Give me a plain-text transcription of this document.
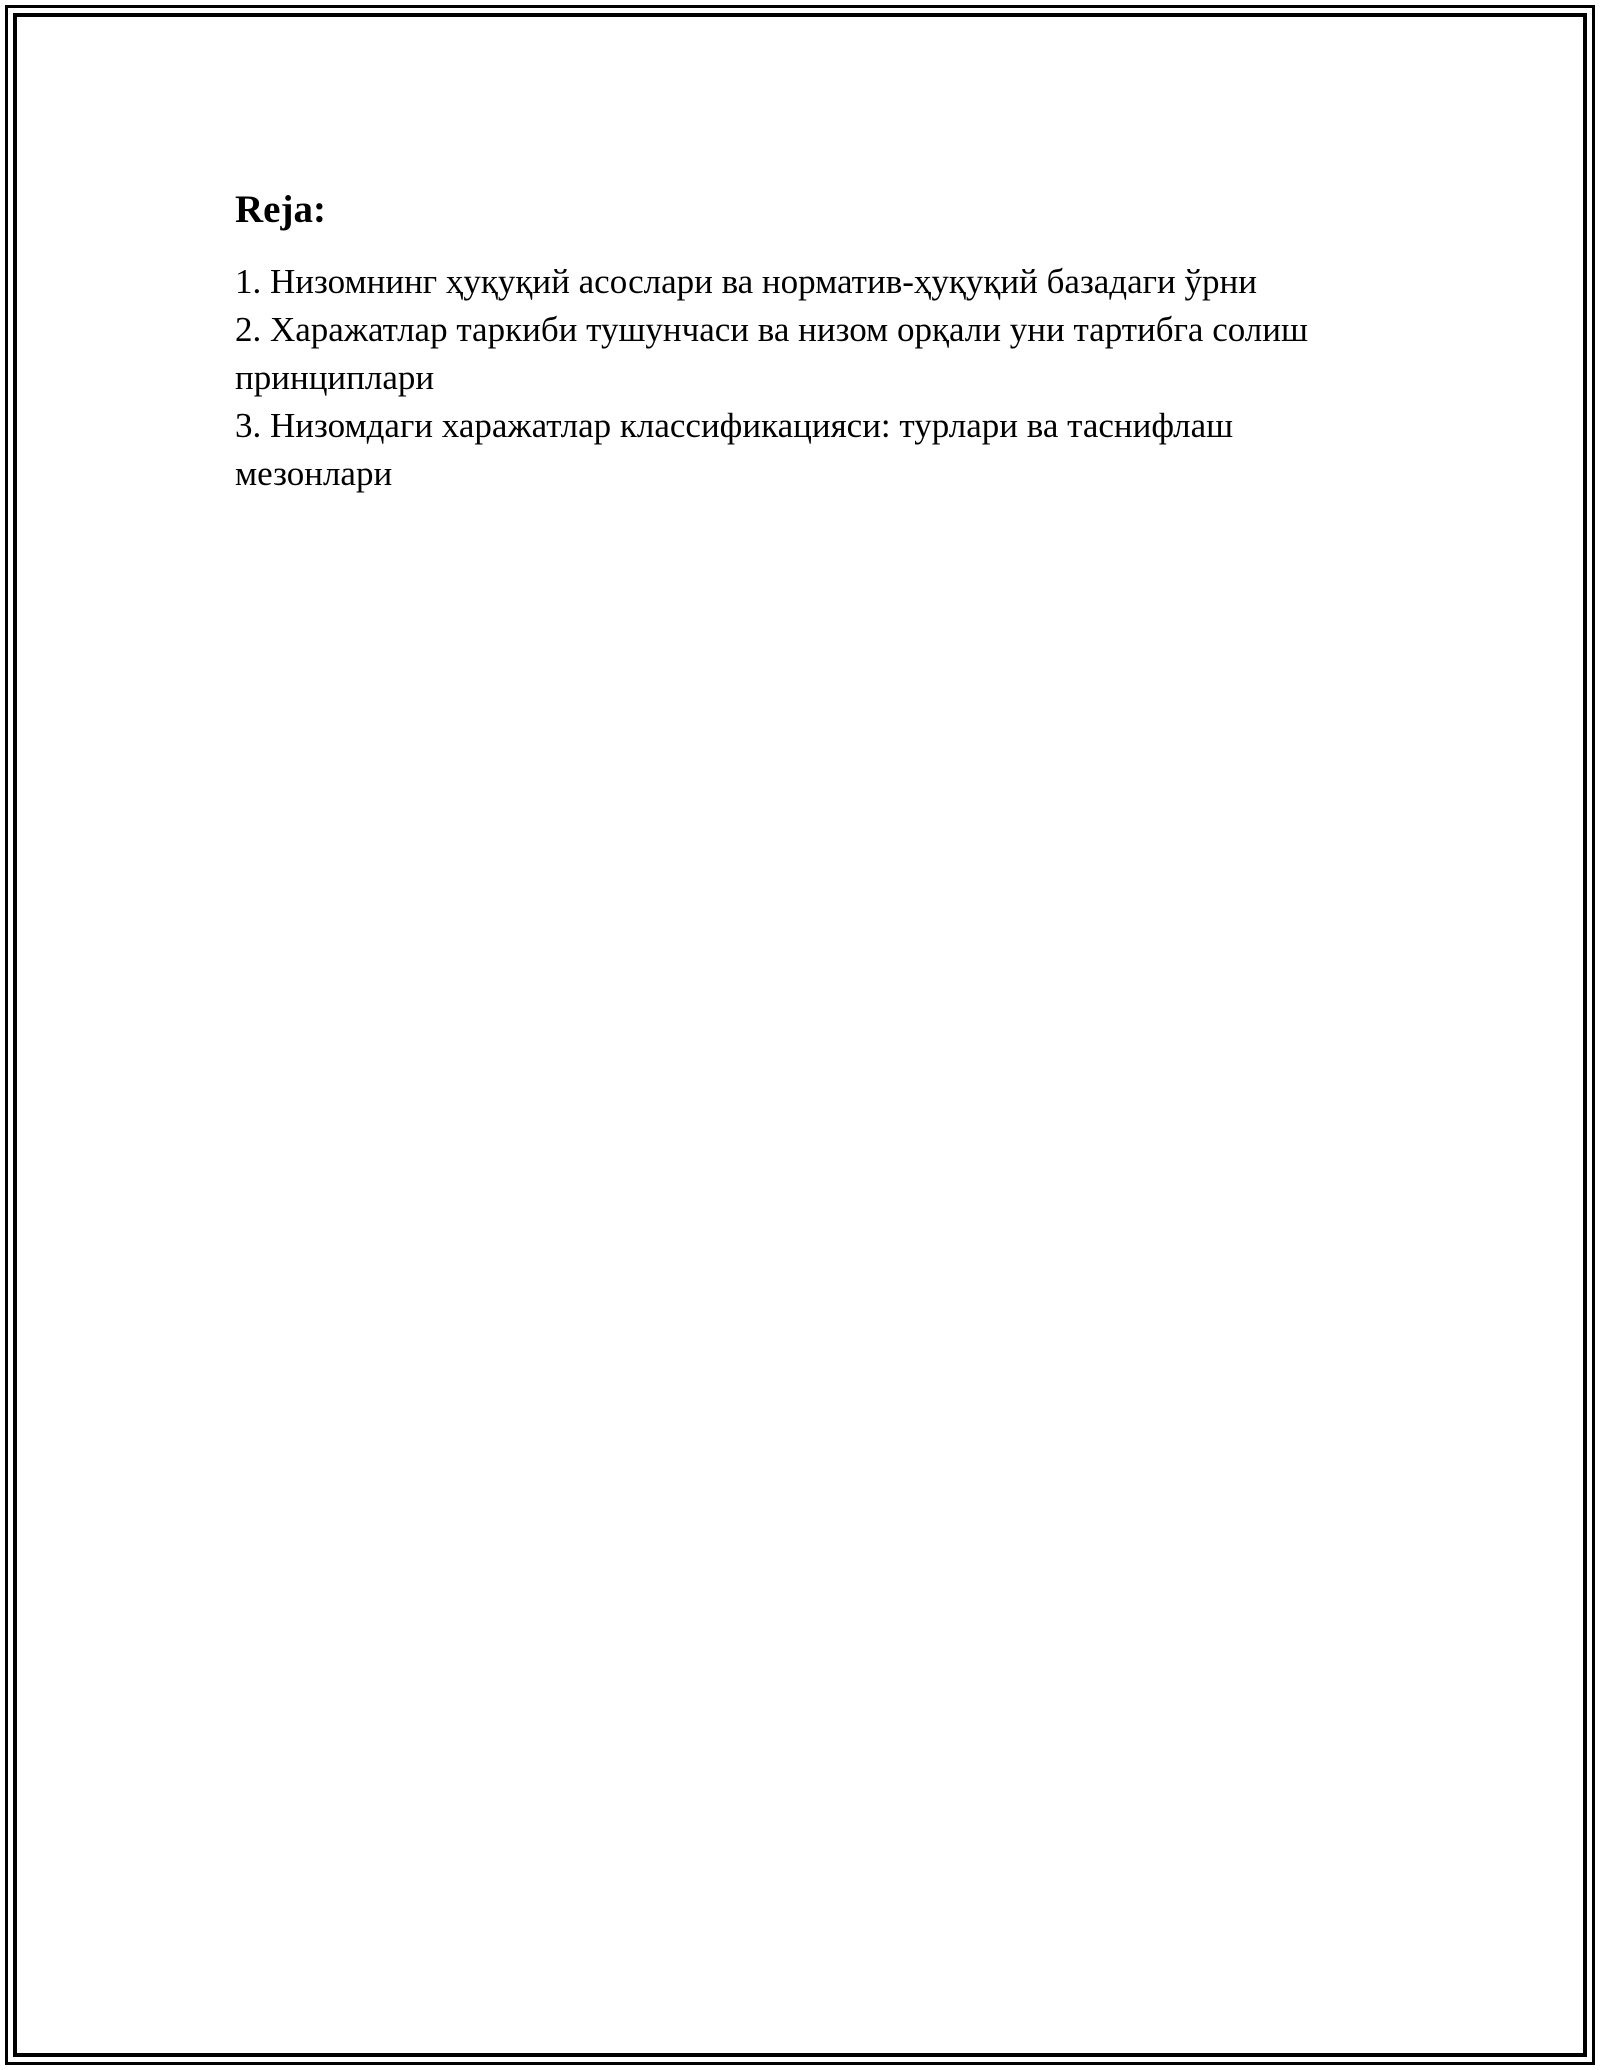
Reja:
1. Низомнинг ҳуқуқий асослари ва норматив-ҳуқуқий базадаги ўрни
2. Харажатлар таркиби тушунчаси ва низом орқали уни тартибга солиш принциплари
3. Низомдаги харажатлар классификацияси: турлари ва таснифлаш мезонлари
